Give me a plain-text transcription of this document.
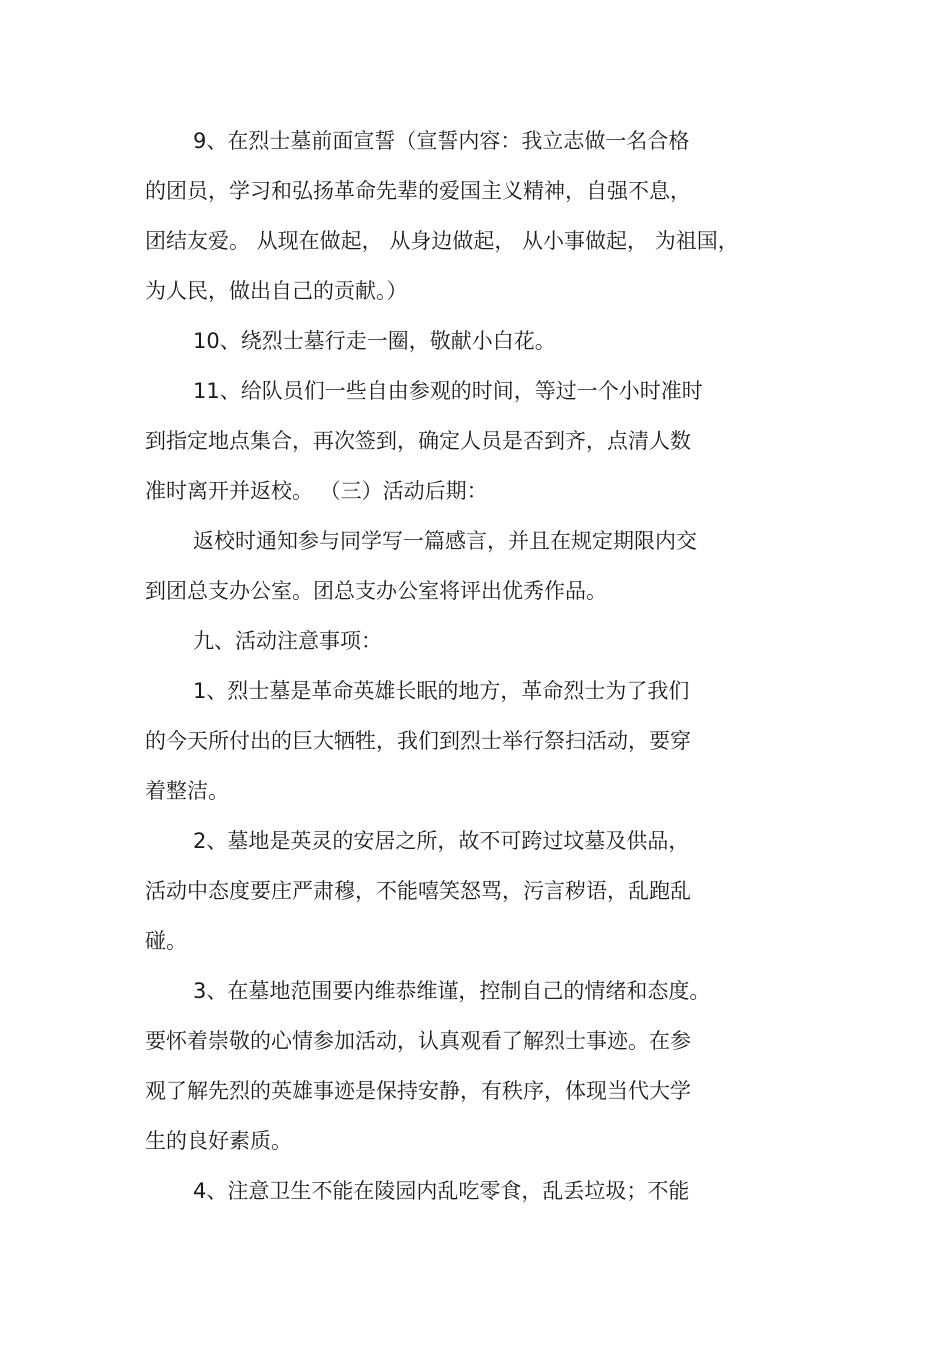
9、在烈士墓前面宣誓（宣誓内容：我立志做一名合格
的团员，学习和弘扬革命先辈的爱国主义精神，自强不息，
团结友爱。 从现在做起， 从身边做起， 从小事做起， 为祖国，
为人民，做出自己的贡献。）
10、绕烈士墓行走一圈，敬献小白花。
11、给队员们一些自由参观的时间，等过一个小时准时
到指定地点集合，再次签到，确定人员是否到齐，点清人数
准时离开并返校。 （三）活动后期：
返校时通知参与同学写一篇感言，并且在规定期限内交
到团总支办公室。团总支办公室将评出优秀作品。
九、活动注意事项：
1、烈士墓是革命英雄长眠的地方，革命烈士为了我们
的今天所付出的巨大牺牲，我们到烈士举行祭扫活动，要穿
着整洁。
2、墓地是英灵的安居之所，故不可跨过坟墓及供品，
活动中态度要庄严肃穆，不能嘻笑怒骂，污言秽语，乱跑乱
碰。
3、在墓地范围要内维恭维谨，控制自己的情绪和态度。
要怀着崇敬的心情参加活动，认真观看了解烈士事迹。在参
观了解先烈的英雄事迹是保持安静，有秩序，体现当代大学
生的良好素质。
4、注意卫生不能在陵园内乱吃零食，乱丢垃圾；不能
